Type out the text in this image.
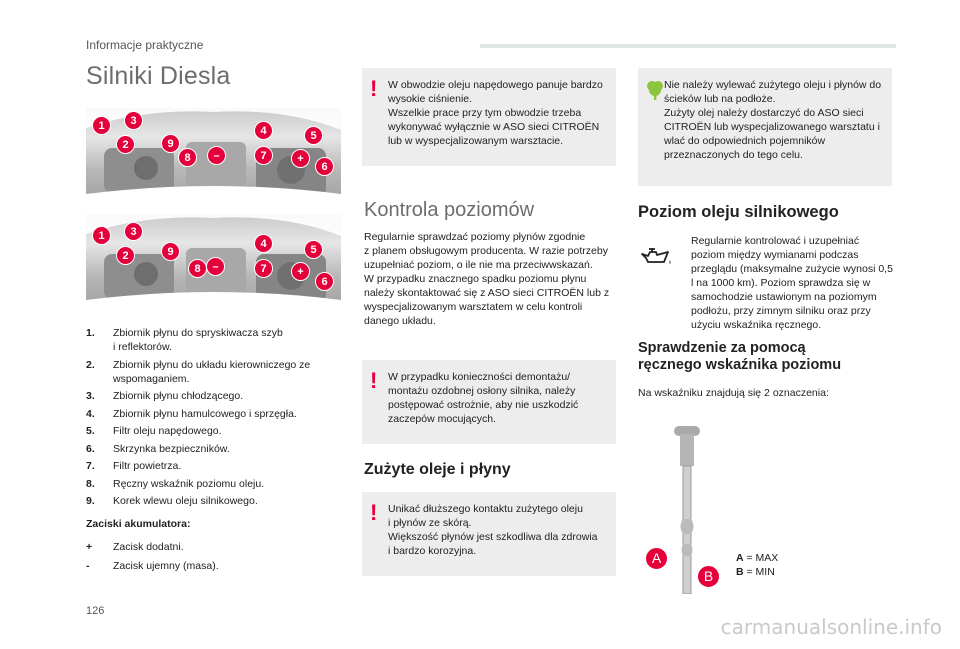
Informacje praktyczne
Silniki Diesla
1	3
2	9
8	–
4
7
5
+
6
1	3
2	9
8	–
4
7
5
+
6
1.	Zbiornik płynu do spryskiwacza szyb
i reflektorów.
2.	Zbiornik płynu do układu kierowniczego ze wspomaganiem.
3.	Zbiornik płynu chłodzącego.
4.	Zbiornik płynu hamulcowego i sprzęgła.
5.	Filtr oleju napędowego.
6.	Skrzynka bezpieczników.
7.	Filtr powietrza.
8.	Ręczny wskaźnik poziomu oleju.
9.	Korek wlewu oleju silnikowego.
Zaciski akumulatora:
+	Zacisk dodatni.
-	Zacisk ujemny (masa).
! W obwodzie oleju napędowego panuje bardzo wysokie ciśnienie.
Wszelkie prace przy tym obwodzie trzeba wykonywać wyłącznie w ASO sieci CITROËN lub w wyspecjalizowanym warsztacie.
Kontrola poziomów
Regularnie sprawdzać poziomy płynów zgodnie
z planem obsługowym producenta. W razie potrzeby uzupełniać poziom, o ile nie ma przeciwwskazań.
W przypadku znacznego spadku poziomu płynu należy skontaktować się z ASO sieci CITROËN lub z wyspecjalizowanym warsztatem w celu kontroli danego układu.
! W przypadku konieczności demontażu/ montażu ozdobnej osłony silnika, należy postępować ostrożnie, aby nie uszkodzić zaczepów mocujących.
Zużyte oleje i płyny
! Unikać dłuższego kontaktu zużytego oleju
i płynów ze skórą.
Większość płynów jest szkodliwa dla zdrowia
i bardzo korozyjna.
Nie należy wylewać zużytego oleju i płynów do ścieków lub na podłoże.
Zużyty olej należy dostarczyć do ASO sieci CITROËN lub wyspecjalizowanego warsztatu i wlać do odpowiednich pojemników przeznaczonych do tego celu.
Poziom oleju silnikowego
Regularnie kontrolować i uzupełniać poziom między wymianami podczas przeglądu (maksymalne zużycie wynosi 0,5 l na 1000 km). Poziom sprawdza się w samochodzie ustawionym na poziomym podłożu, przy zimnym silniku oraz przy użyciu wskaźnika ręcznego.
Sprawdzenie za pomocą
ręcznego wskaźnika poziomu
Na wskaźniku znajdują się 2 oznaczenia:
A
B
A = MAX
B = MIN
126
carmanualsonline.info
